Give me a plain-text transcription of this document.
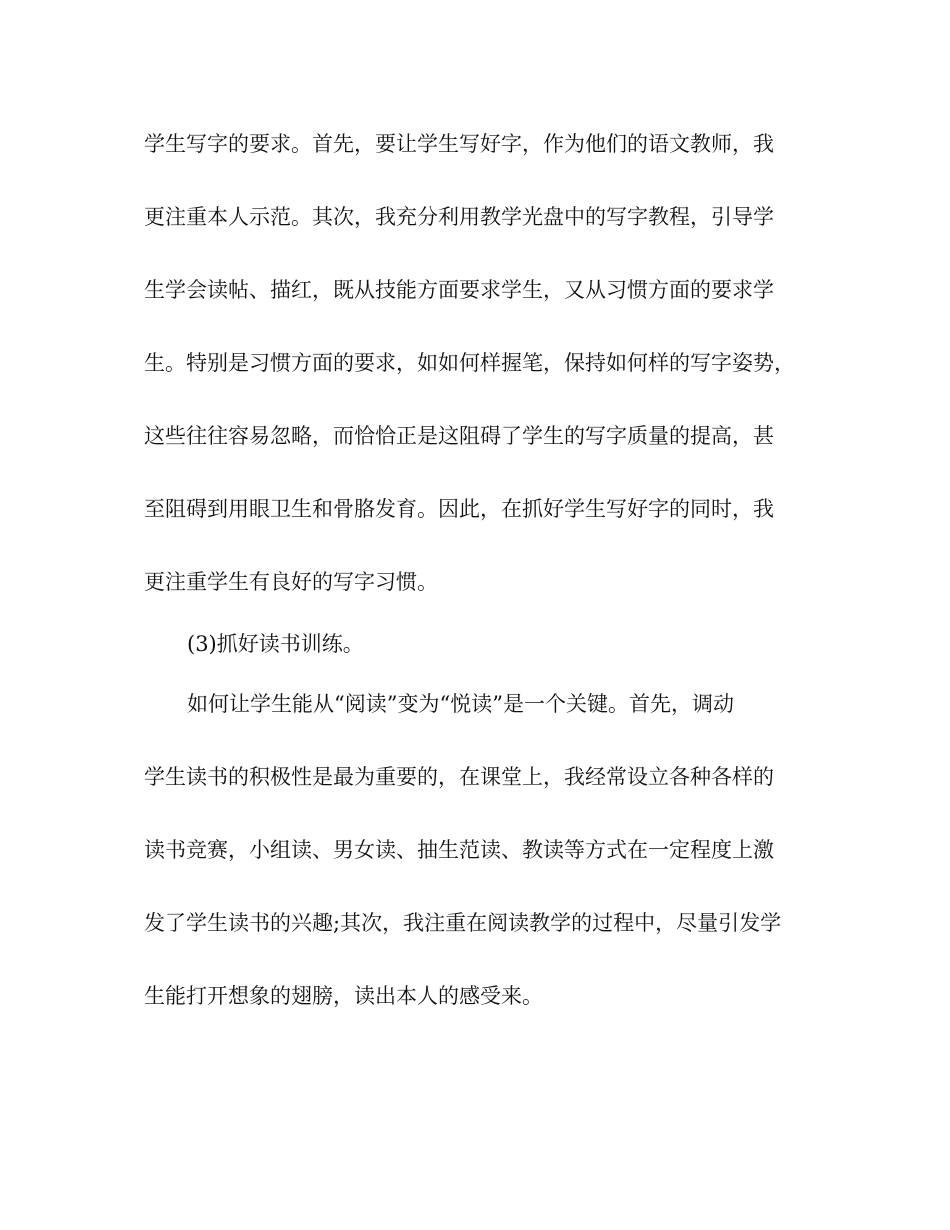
学生写字的要求。首先，要让学生写好字，作为他们的语文教师，我
更注重本人示范。其次，我充分利用教学光盘中的写字教程，引导学
生学会读帖、描红，既从技能方面要求学生，又从习惯方面的要求学
生。特别是习惯方面的要求，如如何样握笔，保持如何样的写字姿势，
这些往往容易忽略，而恰恰正是这阻碍了学生的写字质量的提高，甚
至阻碍到用眼卫生和骨胳发育。因此，在抓好学生写好字的同时，我
更注重学生有良好的写字习惯。
(3)抓好读书训练。
如何让学生能从“阅读”变为“悦读”是一个关键。首先，调动
学生读书的积极性是最为重要的，在课堂上，我经常设立各种各样的
读书竞赛，小组读、男女读、抽生范读、教读等方式在一定程度上激
发了学生读书的兴趣;其次，我注重在阅读教学的过程中，尽量引发学
生能打开想象的翅膀，读出本人的感受来。
